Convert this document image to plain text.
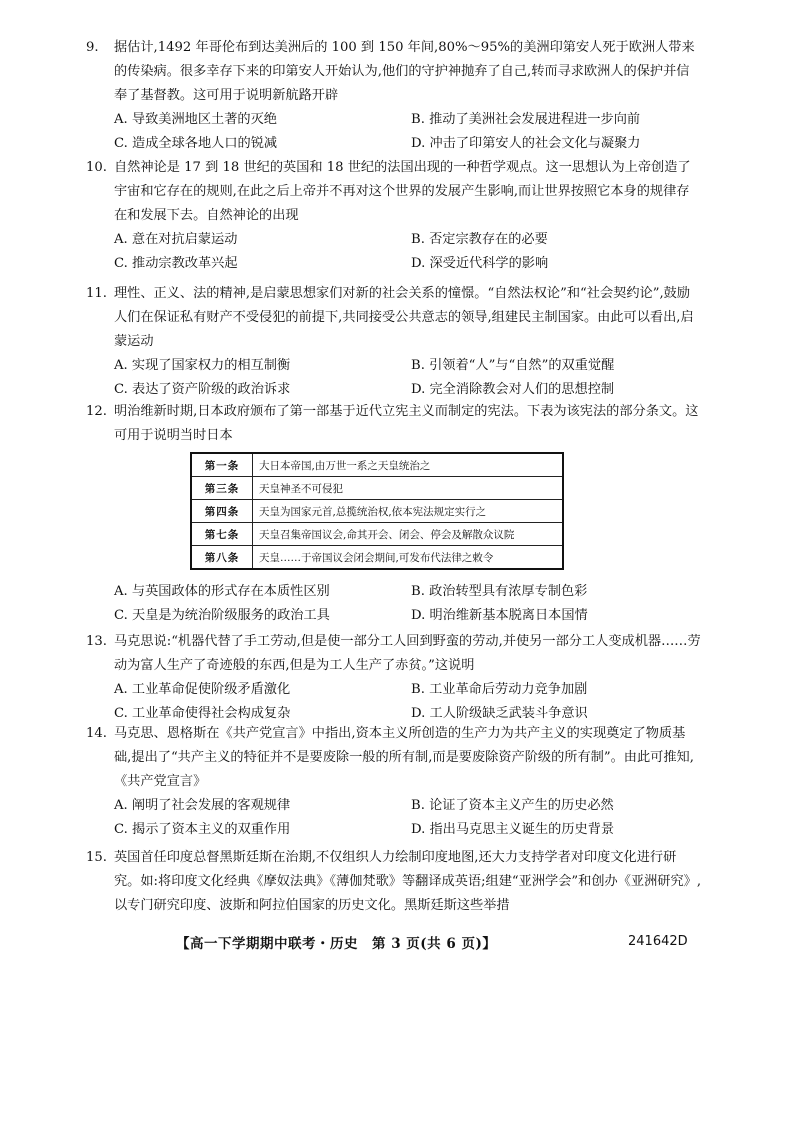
9. 据估计,1492 年哥伦布到达美洲后的 100 到 150 年间,80%～95%的美洲印第安人死于欧洲人带来的传染病。很多幸存下来的印第安人开始认为,他们的守护神抛弃了自己,转而寻求欧洲人的保护并信奉了基督教。这可用于说明新航路开辟

A. 导致美洲地区土著的灭绝	B. 推动了美洲社会发展进程进一步向前
C. 造成全球各地人口的锐减	D. 冲击了印第安人的社会文化与凝聚力

10. 自然神论是 17 到 18 世纪的英国和 18 世纪的法国出现的一种哲学观点。这一思想认为上帝创造了宇宙和它存在的规则,在此之后上帝并不再对这个世界的发展产生影响,而让世界按照它本身的规律存在和发展下去。自然神论的出现

A. 意在对抗启蒙运动	B. 否定宗教存在的必要
C. 推动宗教改革兴起	D. 深受近代科学的影响

11. 理性、正义、法的精神,是启蒙思想家们对新的社会关系的憧憬。“自然法权论”和“社会契约论”,鼓励人们在保证私有财产不受侵犯的前提下,共同接受公共意志的领导,组建民主制国家。由此可以看出,启蒙运动

A. 实现了国家权力的相互制衡	B. 引领着“人”与“自然”的双重觉醒
C. 表达了资产阶级的政治诉求	D. 完全消除教会对人们的思想控制

12. 明治维新时期,日本政府颁布了第一部基于近代立宪主义而制定的宪法。下表为该宪法的部分条文。这可用于说明当时日本

第一条	大日本帝国,由万世一系之天皇统治之
第三条	天皇神圣不可侵犯
第四条	天皇为国家元首,总揽统治权,依本宪法规定实行之
第七条	天皇召集帝国议会,命其开会、闭会、停会及解散众议院
第八条	天皇……于帝国议会闭会期间,可发布代法律之敕令
A. 与英国政体的形式存在本质性区别	B. 政治转型具有浓厚专制色彩
C. 天皇是为统治阶级服务的政治工具	D. 明治维新基本脱离日本国情

13. 马克思说:“机器代替了手工劳动,但是使一部分工人回到野蛮的劳动,并使另一部分工人变成机器……劳动为富人生产了奇迹般的东西,但是为工人生产了赤贫。”这说明

A. 工业革命促使阶级矛盾激化	B. 工业革命后劳动力竞争加剧
C. 工业革命使得社会构成复杂	D. 工人阶级缺乏武装斗争意识

14. 马克思、恩格斯在《共产党宣言》中指出,资本主义所创造的生产力为共产主义的实现奠定了物质基础,提出了“共产主义的特征并不是要废除一般的所有制,而是要废除资产阶级的所有制”。由此可推知,《共产党宣言》

A. 阐明了社会发展的客观规律	B. 论证了资本主义产生的历史必然
C. 揭示了资本主义的双重作用	D. 指出马克思主义诞生的历史背景

15. 英国首任印度总督黑斯廷斯在治期,不仅组织人力绘制印度地图,还大力支持学者对印度文化进行研究。如:将印度文化经典《摩奴法典》《薄伽梵歌》等翻译成英语;组建“亚洲学会”和创办《亚洲研究》,以专门研究印度、波斯和阿拉伯国家的历史文化。黑斯廷斯这些举措

【高一下学期期中联考・历史　第 3 页(共 6 页)】	241642D
